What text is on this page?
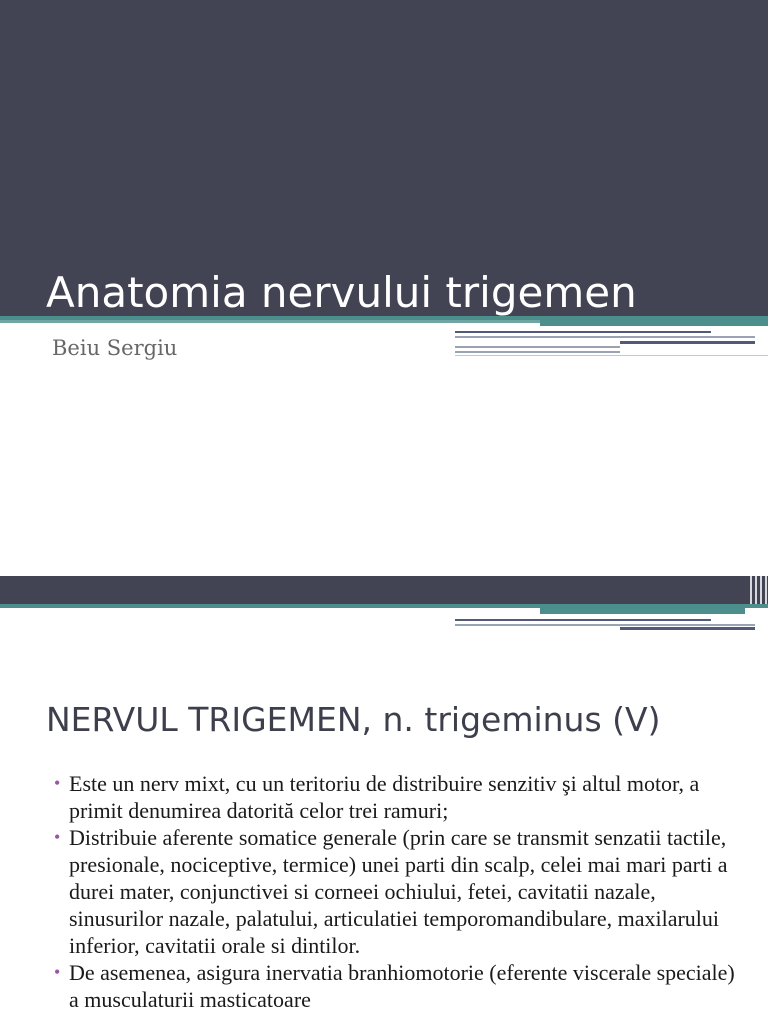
Anatomia nervului trigemen
Beiu Sergiu
NERVUL TRIGEMEN, n. trigeminus (V)
• Este un nerv mixt, cu un teritoriu de distribuire senzitiv şi altul motor, a primit denumirea datorită celor trei ramuri;
• Distribuie aferente somatice generale (prin care se transmit senzatii tactile, presionale, nociceptive, termice) unei parti din scalp, celei mai mari parti a durei mater, conjunctivei si corneei ochiului, fetei, cavitatii nazale, sinusurilor nazale, palatului, articulatiei temporomandibulare, maxilarului inferior, cavitatii orale si dintilor.
• De asemenea, asigura inervatia branhiomotorie (eferente viscerale speciale) a musculaturii masticatoare
